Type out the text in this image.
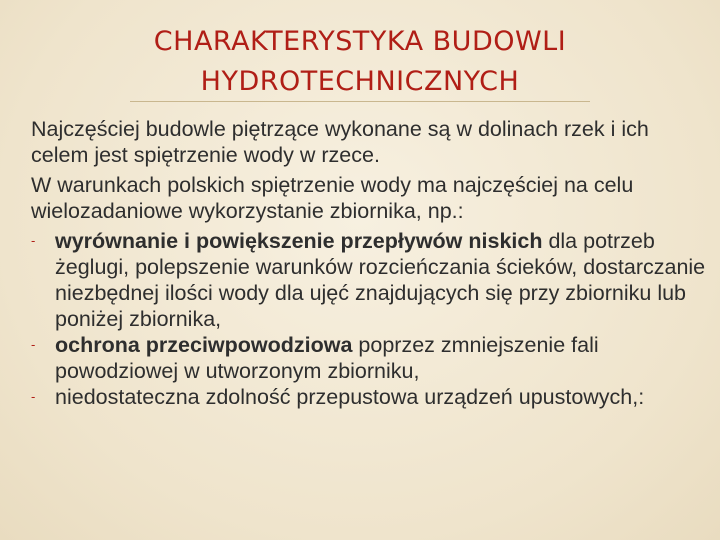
CHARAKTERYSTYKA BUDOWLI
HYDROTECHNICZNYCH

Najczęściej budowle piętrzące wykonane są w dolinach rzek i ich celem jest spiętrzenie wody w rzece.

W warunkach polskich spiętrzenie wody ma najczęściej na celu wielozadaniowe wykorzystanie zbiornika, np.:

- wyrównanie i powiększenie przepływów niskich dla potrzeb żeglugi, polepszenie warunków rozcieńczania ścieków, dostarczanie niezbędnej ilości wody dla ujęć znajdujących się przy zbiorniku lub poniżej zbiornika,
- ochrona przeciwpowodziowa poprzez zmniejszenie fali powodziowej w utworzonym zbiorniku,
- niedostateczna zdolność przepustowa urządzeń upustowych,:
